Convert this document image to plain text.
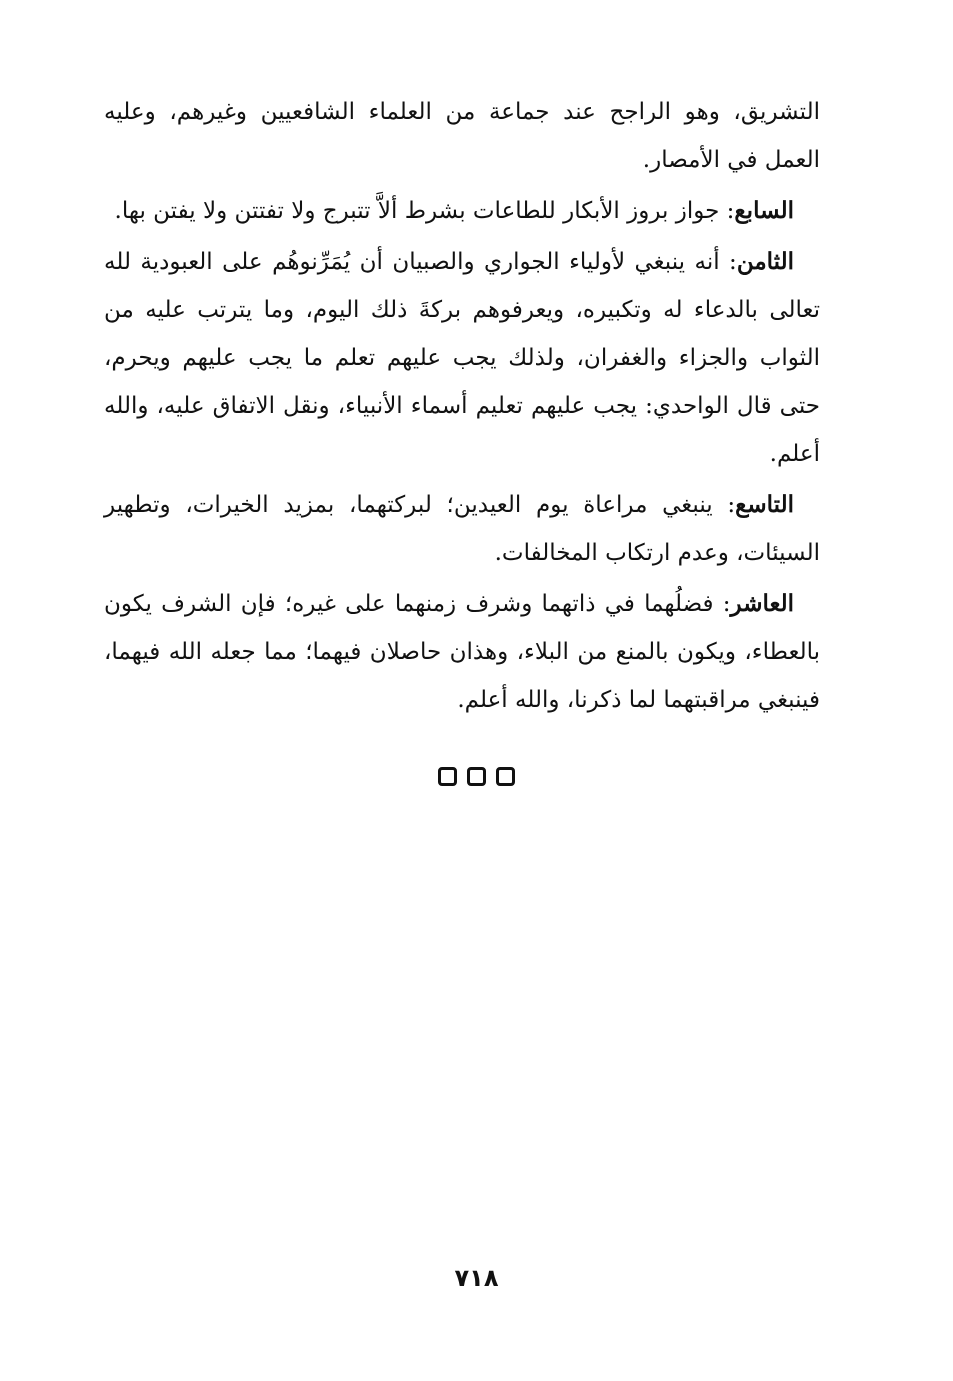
التشريق، وهو الراجح عند جماعة من العلماء الشافعيين وغيرهم، وعليه العمل في الأمصار.

السابع: جواز بروز الأبكار للطاعات بشرط ألاَّ تتبرج ولا تفتتن ولا يفتن بها.

الثامن: أنه ينبغي لأولياء الجواري والصبيان أن يُمَرِّنوهُم على العبودية لله تعالى بالدعاء له وتكبيره، ويعرفوهم بركةَ ذلك اليوم، وما يترتب عليه من الثواب والجزاء والغفران، ولذلك يجب عليهم تعلم ما يجب عليهم ويحرم، حتى قال الواحدي: يجب عليهم تعليم أسماء الأنبياء، ونقل الاتفاق عليه، والله أعلم.

التاسع: ينبغي مراعاة يوم العيدين؛ لبركتهما، بمزيد الخيرات، وتطهير السيئات، وعدم ارتكاب المخالفات.

العاشر: فضلُهما في ذاتهما وشرف زمنهما على غيره؛ فإن الشرف يكون بالعطاء، ويكون بالمنع من البلاء، وهذان حاصلان فيهما؛ مما جعله الله فيهما، فينبغي مراقبتهما لما ذكرنا، والله أعلم.

٧١٨
